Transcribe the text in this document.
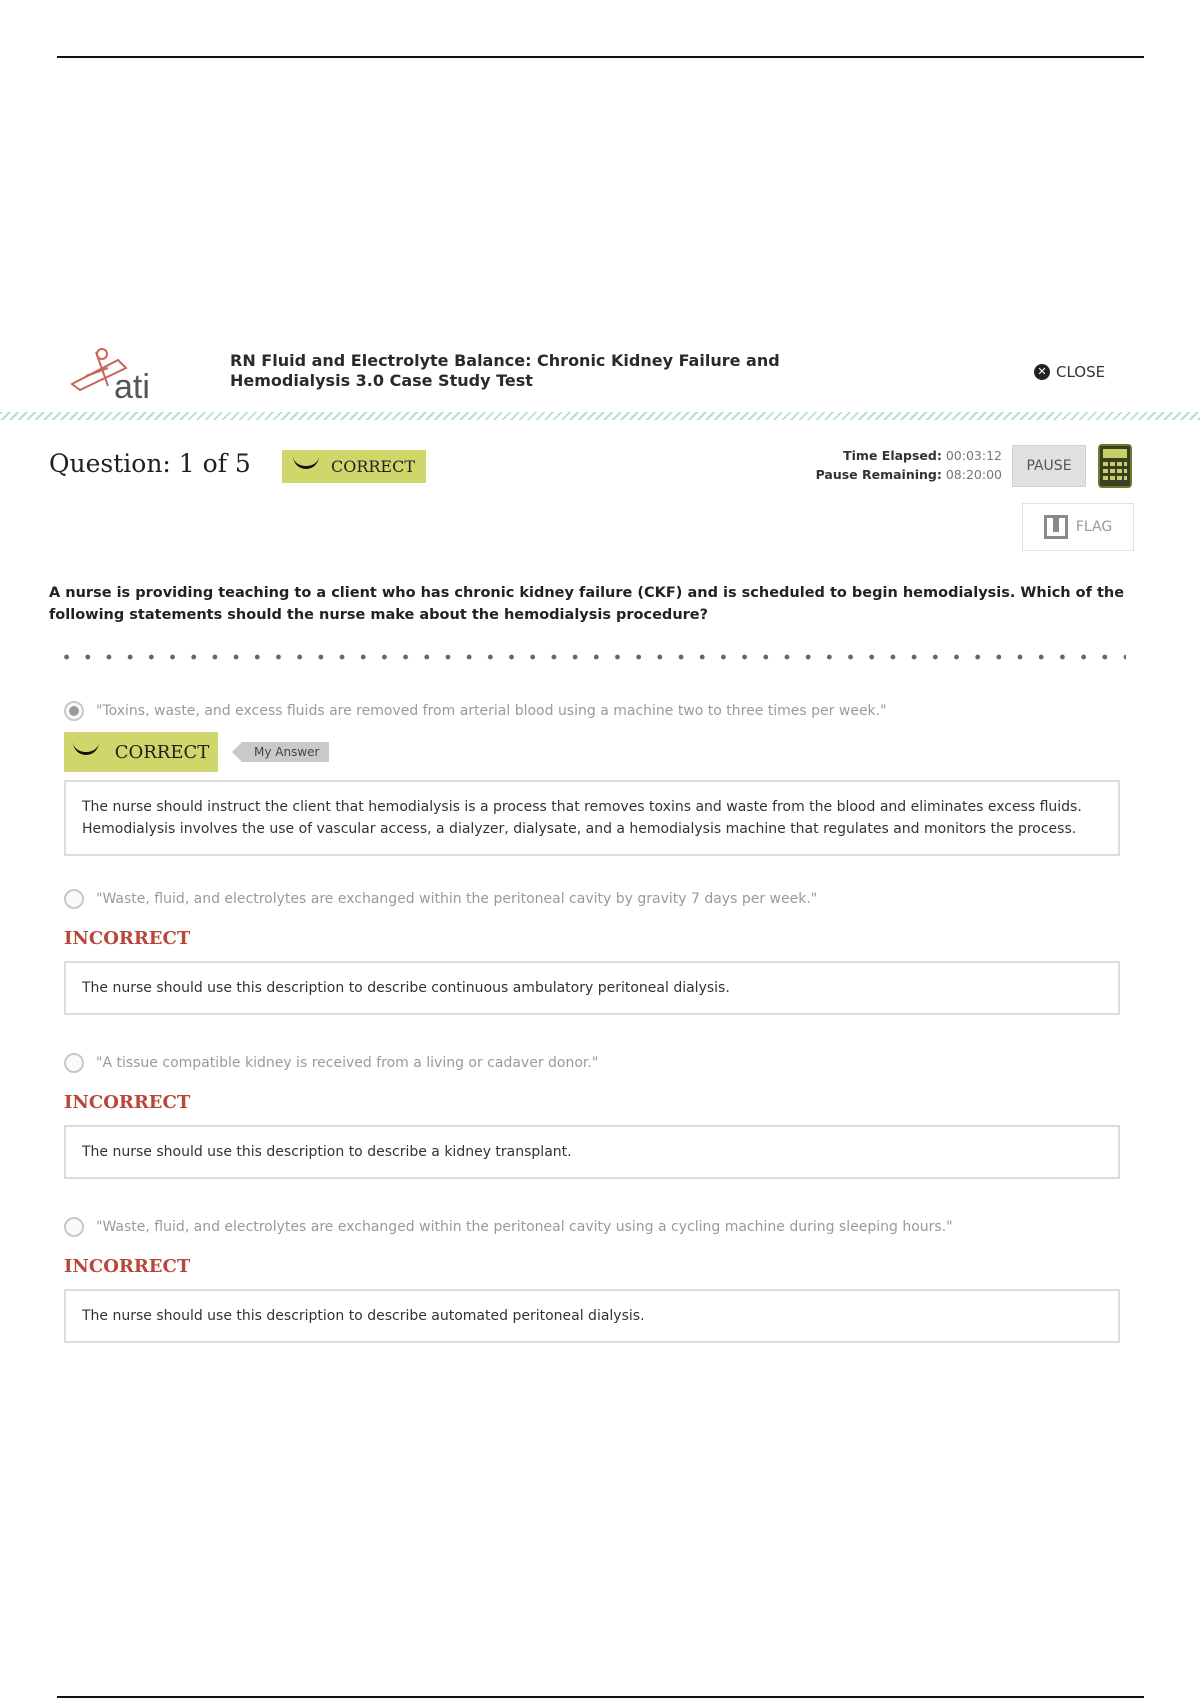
ati
RN Fluid and Electrolyte Balance: Chronic Kidney Failure and Hemodialysis 3.0 Case Study Test	✕ CLOSE
Question: 1 of 5	CORRECT
Time Elapsed: 00:03:12
Pause Remaining: 08:20:00
PAUSE
FLAG
A nurse is providing teaching to a client who has chronic kidney failure (CKF) and is scheduled to begin hemodialysis. Which of the following statements should the nurse make about the hemodialysis procedure?
"Toxins, waste, and excess fluids are removed from arterial blood using a machine two to three times per week."
CORRECT	My Answer
The nurse should instruct the client that hemodialysis is a process that removes toxins and waste from the blood and eliminates excess fluids. Hemodialysis involves the use of vascular access, a dialyzer, dialysate, and a hemodialysis machine that regulates and monitors the process.
"Waste, fluid, and electrolytes are exchanged within the peritoneal cavity by gravity 7 days per week."
INCORRECT
The nurse should use this description to describe continuous ambulatory peritoneal dialysis.
"A tissue compatible kidney is received from a living or cadaver donor."
INCORRECT
The nurse should use this description to describe a kidney transplant.
"Waste, fluid, and electrolytes are exchanged within the peritoneal cavity using a cycling machine during sleeping hours."
INCORRECT
The nurse should use this description to describe automated peritoneal dialysis.
